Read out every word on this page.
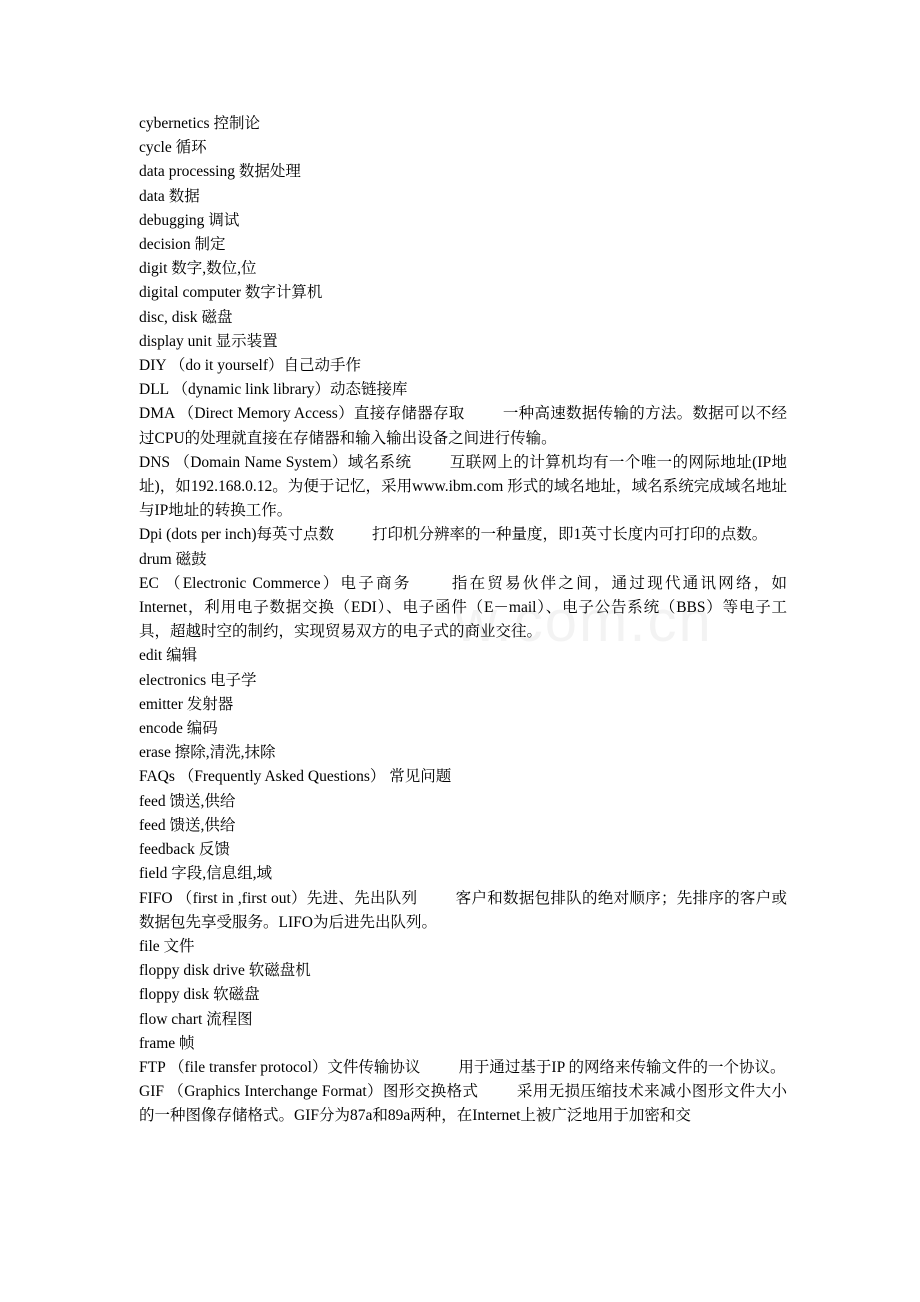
cybernetics 控制论

cycle 循环

data processing 数据处理

data 数据

debugging 调试

decision 制定

digit 数字,数位,位

digital computer 数字计算机

disc, disk 磁盘

display unit 显示装置

DIY （do it yourself）自己动手作

DLL （dynamic link library）动态链接库

DMA （Direct Memory Access）直接存储器存取 一种高速数据传输的方法。数据可以不经过CPU的处理就直接在存储器和输入输出设备之间进行传输。

DNS （Domain Name System）域名系统 互联网上的计算机均有一个唯一的网际地址(IP地址)，如192.168.0.12。为便于记忆，采用www.ibm.com 形式的域名地址，域名系统完成域名地址与IP地址的转换工作。

Dpi (dots per inch)每英寸点数 打印机分辨率的一种量度，即1英寸长度内可打印的点数。

drum 磁鼓

EC （Electronic Commerce）电子商务 指在贸易伙伴之间，通过现代通讯网络，如Internet，利用电子数据交换（EDI）、电子函件（E－mail）、电子公告系统（BBS）等电子工具，超越时空的制约，实现贸易双方的电子式的商业交往。

edit 编辑

electronics 电子学

emitter 发射器

encode 编码

erase 擦除,清洗,抹除

FAQs （Frequently Asked Questions） 常见问题

feed 馈送,供给

feed 馈送,供给

feedback 反馈

field 字段,信息组,域

FIFO （first in ,first out）先进、先出队列 客户和数据包排队的绝对顺序；先排序的客户或数据包先享受服务。LIFO为后进先出队列。

file 文件

floppy disk drive 软磁盘机

floppy disk 软磁盘

flow chart 流程图

frame 帧

FTP （file transfer protocol）文件传输协议 用于通过基于IP 的网络来传输文件的一个协议。

GIF （Graphics Interchange Format）图形交换格式 采用无损压缩技术来减小图形文件大小的一种图像存储格式。GIF分为87a和89a两种，在Internet上被广泛地用于加密和交
